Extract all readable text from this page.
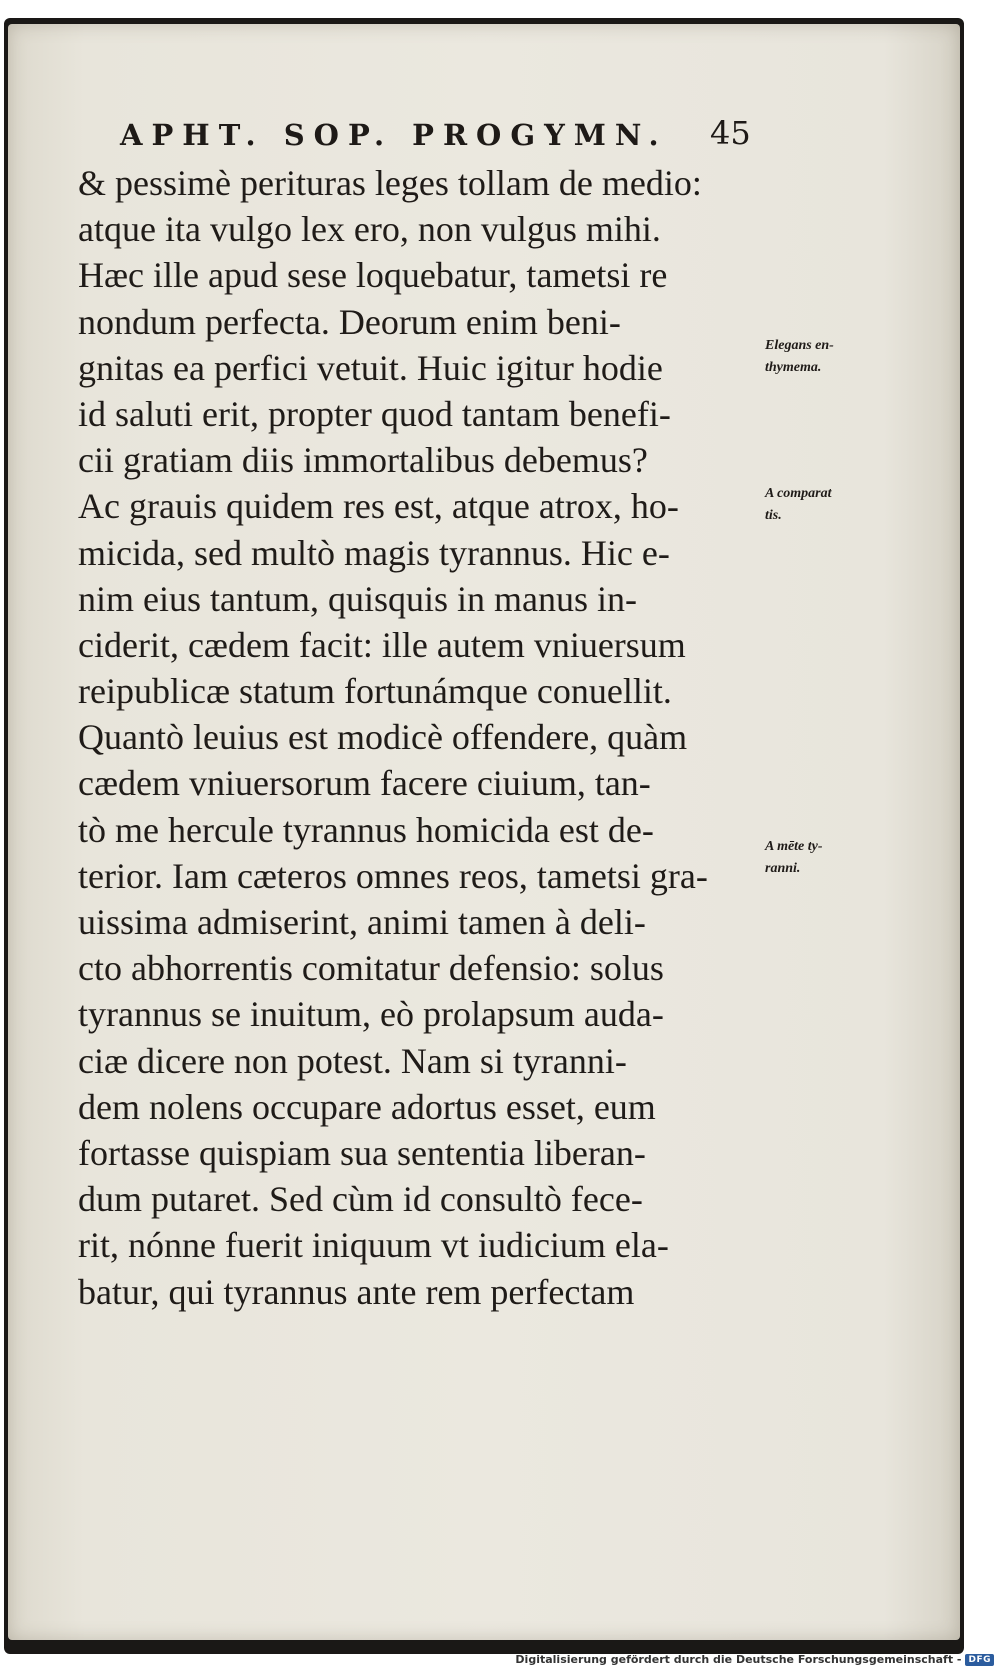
APHT. SOP. PROGYMN.	45
& pessimè perituras leges tollam de medio:
atque ita vulgo lex ero, non vulgus mihi.
Hæc ille apud sese loquebatur, tametsi re
nondum perfecta. Deorum enim beni-
gnitas ea perfici vetuit. Huic igitur hodie
id saluti erit, propter quod tantam benefi-
cii gratiam diis immortalibus debemus?
Ac grauis quidem res est, atque atrox, ho-
micida, sed multò magis tyrannus. Hic e-
nim eius tantum, quisquis in manus in-
ciderit, cædem facit: ille autem vniuersum
reipublicæ statum fortunámque conuellit.
Quantò leuius est modicè offendere, quàm
cædem vniuersorum facere ciuium, tan-
tò me hercule tyrannus homicida est de-
terior. Iam cæteros omnes reos, tametsi gra-
uissima admiserint, animi tamen à deli-
cto abhorrentis comitatur defensio: solus
tyrannus se inuitum, eò prolapsum auda-
ciæ dicere non potest. Nam si tyranni-
dem nolens occupare adortus esset, eum
fortasse quispiam sua sententia liberan-
dum putaret. Sed cùm id consultò fece-
rit, nónne fuerit iniquum vt iudicium ela-
batur, qui tyrannus ante rem perfectam
Elegans en-
thymema.
A comparat
tis.
A mēte ty-
ranni.
Digitalisierung gefördert durch die Deutsche Forschungsgemeinschaft - DFG
